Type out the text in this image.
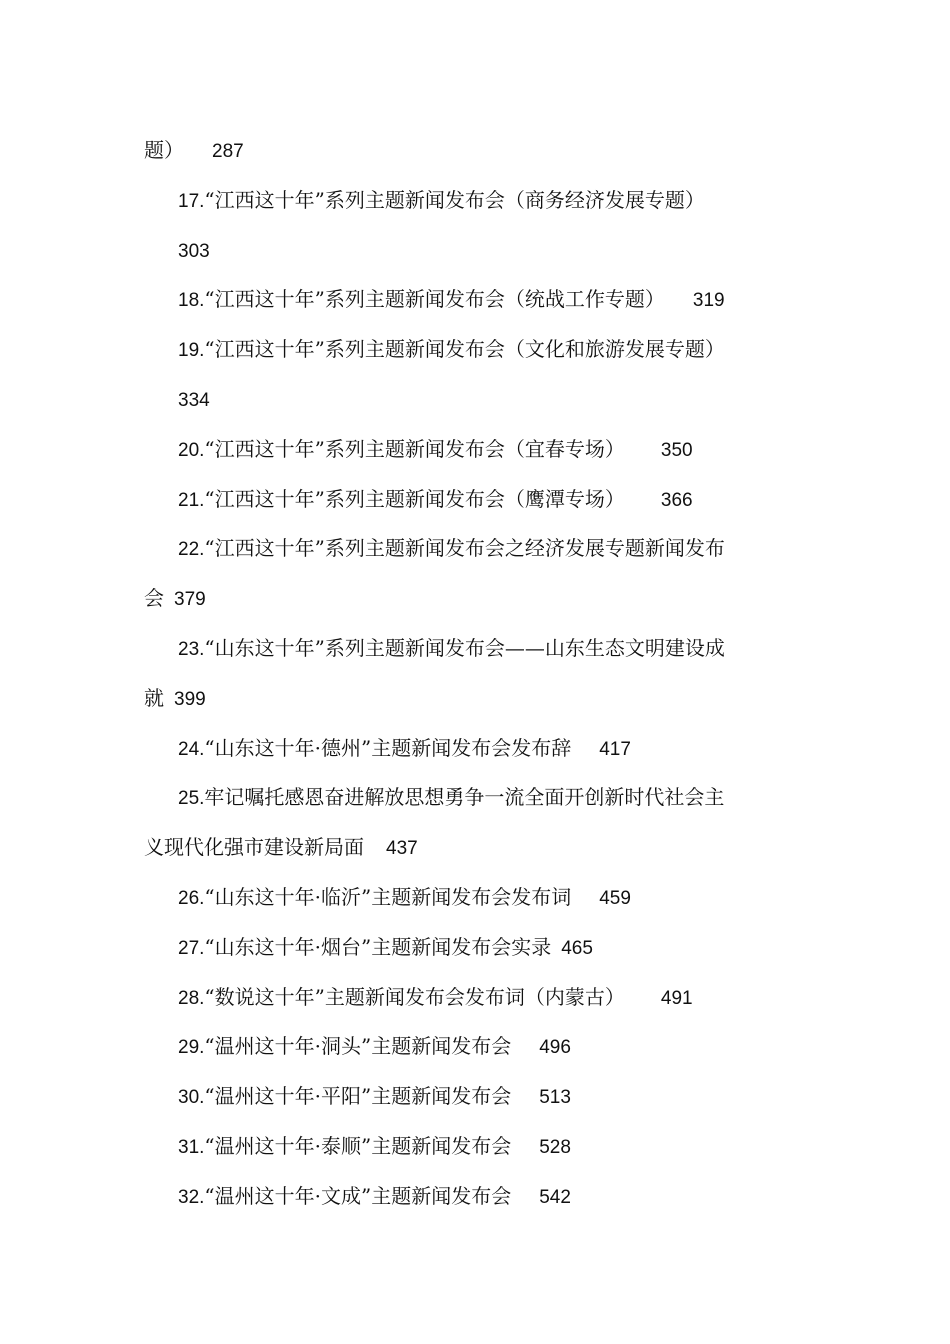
题） 287
17.“江西这十年”系列主题新闻发布会（商务经济发展专题）
303
18.“江西这十年”系列主题新闻发布会（统战工作专题） 319
19.“江西这十年”系列主题新闻发布会（文化和旅游发展专题）
334
20.“江西这十年”系列主题新闻发布会（宜春专场） 350
21.“江西这十年”系列主题新闻发布会（鹰潭专场） 366
22.“江西这十年”系列主题新闻发布会之经济发展专题新闻发布
会 379
23.“山东这十年”系列主题新闻发布会——山东生态文明建设成
就 399
24.“山东这十年·德州”主题新闻发布会发布辞 417
25.牢记嘱托感恩奋进解放思想勇争一流全面开创新时代社会主
义现代化强市建设新局面 437
26.“山东这十年·临沂”主题新闻发布会发布词 459
27.“山东这十年·烟台”主题新闻发布会实录 465
28.“数说这十年”主题新闻发布会发布词（内蒙古） 491
29.“温州这十年·洞头”主题新闻发布会 496
30.“温州这十年·平阳”主题新闻发布会 513
31.“温州这十年·泰顺”主题新闻发布会 528
32.“温州这十年·文成”主题新闻发布会 542
